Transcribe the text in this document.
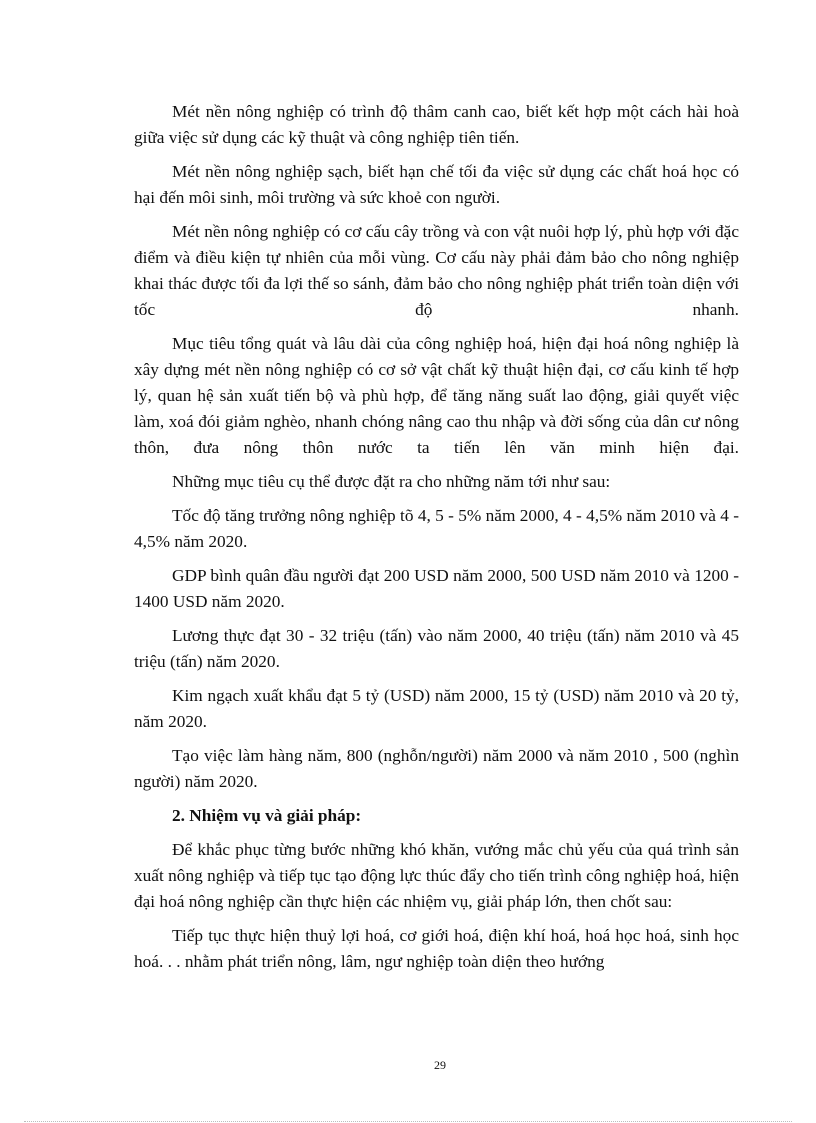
Mét nền nông nghiệp có trình độ thâm canh cao, biết kết hợp một cách hài hoà giữa việc sử dụng các kỹ thuật và công nghiệp tiên tiến.

Mét nền nông nghiệp sạch, biết hạn chế tối đa việc sử dụng các chất hoá học có hại đến môi sinh, môi trường và sức khoẻ con người.

Mét nền nông nghiệp có cơ cấu cây trồng và con vật nuôi hợp lý, phù hợp với đặc điểm và điều kiện tự nhiên của mỗi vùng. Cơ cấu này phải đảm bảo cho nông nghiệp khai thác được tối đa lợi thế so sánh, đảm bảo cho nông nghiệp phát triển toàn diện với tốc độ nhanh.

Mục tiêu tổng quát và lâu dài của công nghiệp hoá, hiện đại hoá nông nghiệp là xây dựng mét nền nông nghiệp có cơ sở vật chất kỹ thuật hiện đại, cơ cấu kinh tế hợp lý, quan hệ sản xuất tiến bộ và phù hợp, để tăng năng suất lao động, giải quyết việc làm, xoá đói giảm nghèo, nhanh chóng nâng cao thu nhập và đời sống của dân cư nông thôn, đưa nông thôn nước ta tiến lên văn minh hiện đại.

Những mục tiêu cụ thể được đặt ra cho những năm tới như sau:

Tốc độ tăng trưởng nông nghiệp tõ 4, 5 - 5% năm 2000, 4 - 4,5% năm 2010 và 4 - 4,5% năm 2020.

GDP bình quân đầu người đạt 200 USD năm 2000, 500 USD năm 2010 và 1200 - 1400 USD năm 2020.

Lương thực đạt 30 - 32 triệu (tấn) vào năm 2000, 40 triệu (tấn) năm 2010 và 45 triệu (tấn) năm 2020.

Kim ngạch xuất khẩu đạt 5 tỷ (USD) năm 2000, 15 tỷ (USD) năm 2010 và 20 tỷ, năm 2020.

Tạo việc làm hàng năm, 800 (nghỗn/người) năm 2000 và năm 2010 , 500 (nghìn người) năm 2020.

2. Nhiệm vụ và giải pháp:

Để khắc phục từng bước những khó khăn, vướng mắc chủ yếu của quá trình sản xuất nông nghiệp và tiếp tục tạo động lực thúc đẩy cho tiến trình công nghiệp hoá, hiện đại hoá nông nghiệp cần thực hiện các nhiệm vụ, giải pháp lớn, then chốt sau:

Tiếp tục thực hiện thuỷ lợi hoá, cơ giới hoá, điện khí hoá, hoá học hoá, sinh học hoá. . . nhằm phát triển nông, lâm, ngư nghiệp toàn diện theo hướng

29
